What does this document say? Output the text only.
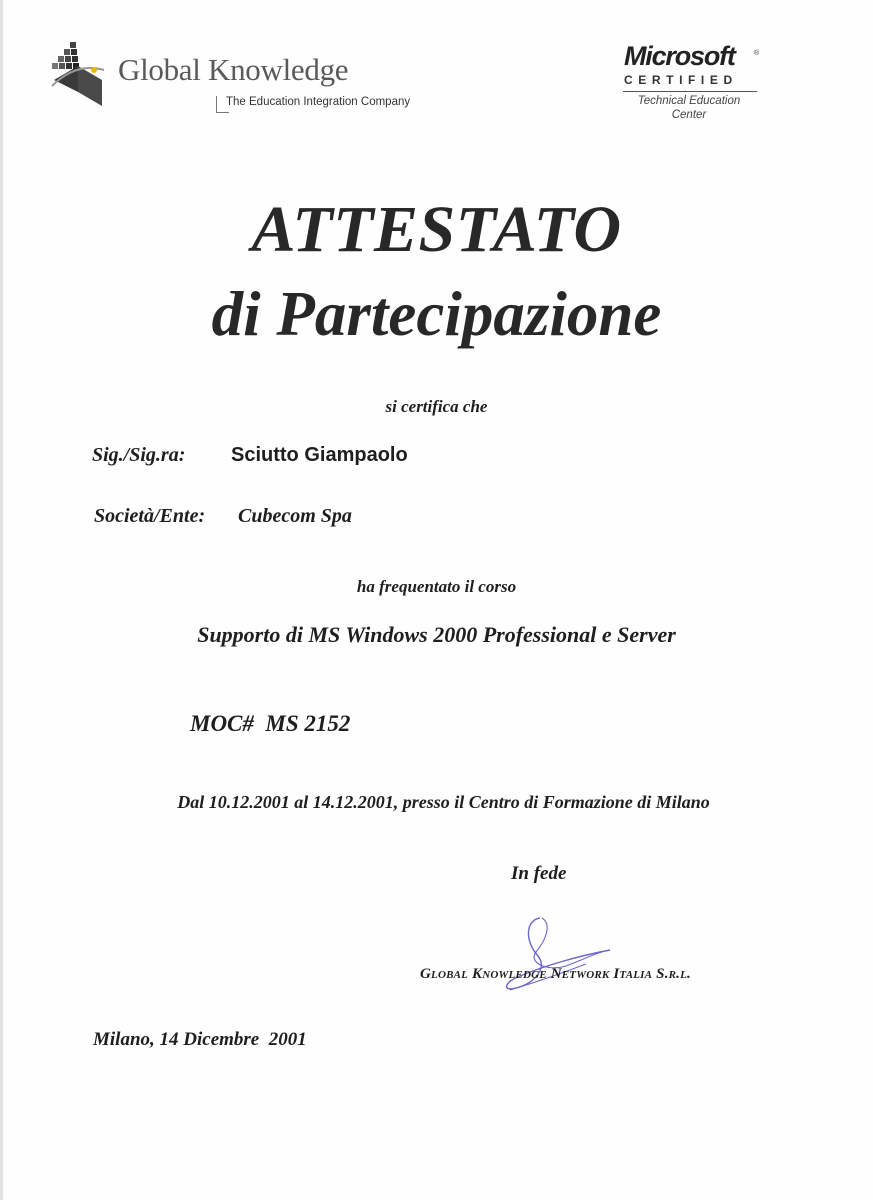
Global Knowledge
The Education Integration Company
Microsoft	®
CERTIFIED
Technical Education
Center
ATTESTATO
di Partecipazione
si certifica che
Sig./Sig.ra: Sciutto Giampaolo
Società/Ente: Cubecom Spa
ha frequentato il corso
Supporto di MS Windows 2000 Professional e Server
MOC#  MS 2152
Dal 10.12.2001 al 14.12.2001, presso il Centro di Formazione di Milano
In fede
Global Knowledge Network Italia S.r.l.
Milano, 14 Dicembre  2001
